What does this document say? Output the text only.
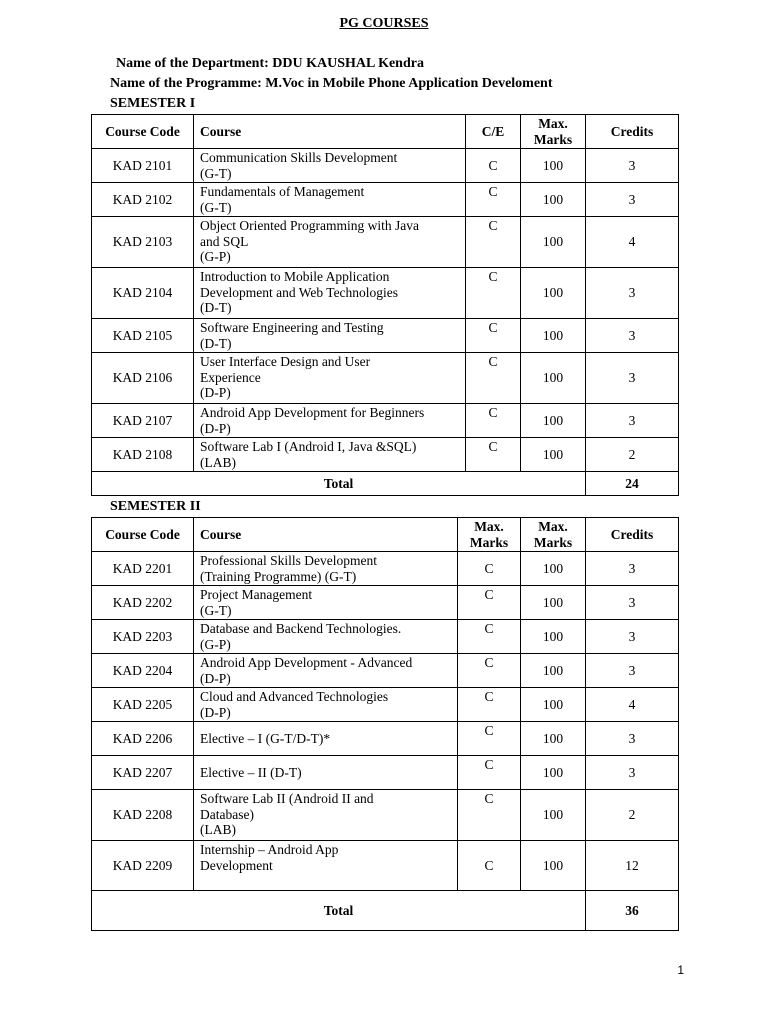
PG COURSES
Name of the Department: DDU KAUSHAL Kendra
Name of the Programme: M.Voc in Mobile Phone Application Develoment
SEMESTER I
Course Code	Course	C/E	Max. Marks	Credits
KAD 2101	Communication Skills Development
(G-T)	C	100	3
KAD 2102	Fundamentals of Management
(G-T)	C	100	3
KAD 2103	Object Oriented Programming with Java
and SQL
(G-P)	C	100	4
KAD 2104	Introduction to Mobile Application
Development and Web Technologies
(D-T)	C	100	3
KAD 2105	Software Engineering and Testing
(D-T)	C	100	3
KAD 2106	User Interface Design and User
Experience
(D-P)	C	100	3
KAD 2107	Android App Development for Beginners
(D-P)	C	100	3
KAD 2108	Software Lab I (Android I, Java &SQL)
(LAB)	C	100	2
Total				24
SEMESTER II
Course Code	Course	Max. Marks	Max. Marks	Credits
KAD 2201	Professional Skills Development
(Training Programme) (G-T)	C	100	3
KAD 2202	Project Management
(G-T)	C	100	3
KAD 2203	Database and Backend Technologies.
(G-P)	C	100	3
KAD 2204	Android App Development - Advanced
(D-P)	C	100	3
KAD 2205	Cloud and Advanced Technologies
(D-P)	C	100	4
KAD 2206	Elective – I (G-T/D-T)*	C	100	3
KAD 2207	Elective – II (D-T)	C	100	3
KAD 2208	Software Lab II (Android II and
Database)
(LAB)	C	100	2
KAD 2209	Internship – Android App
Development	C	100	12
Total				36
1
